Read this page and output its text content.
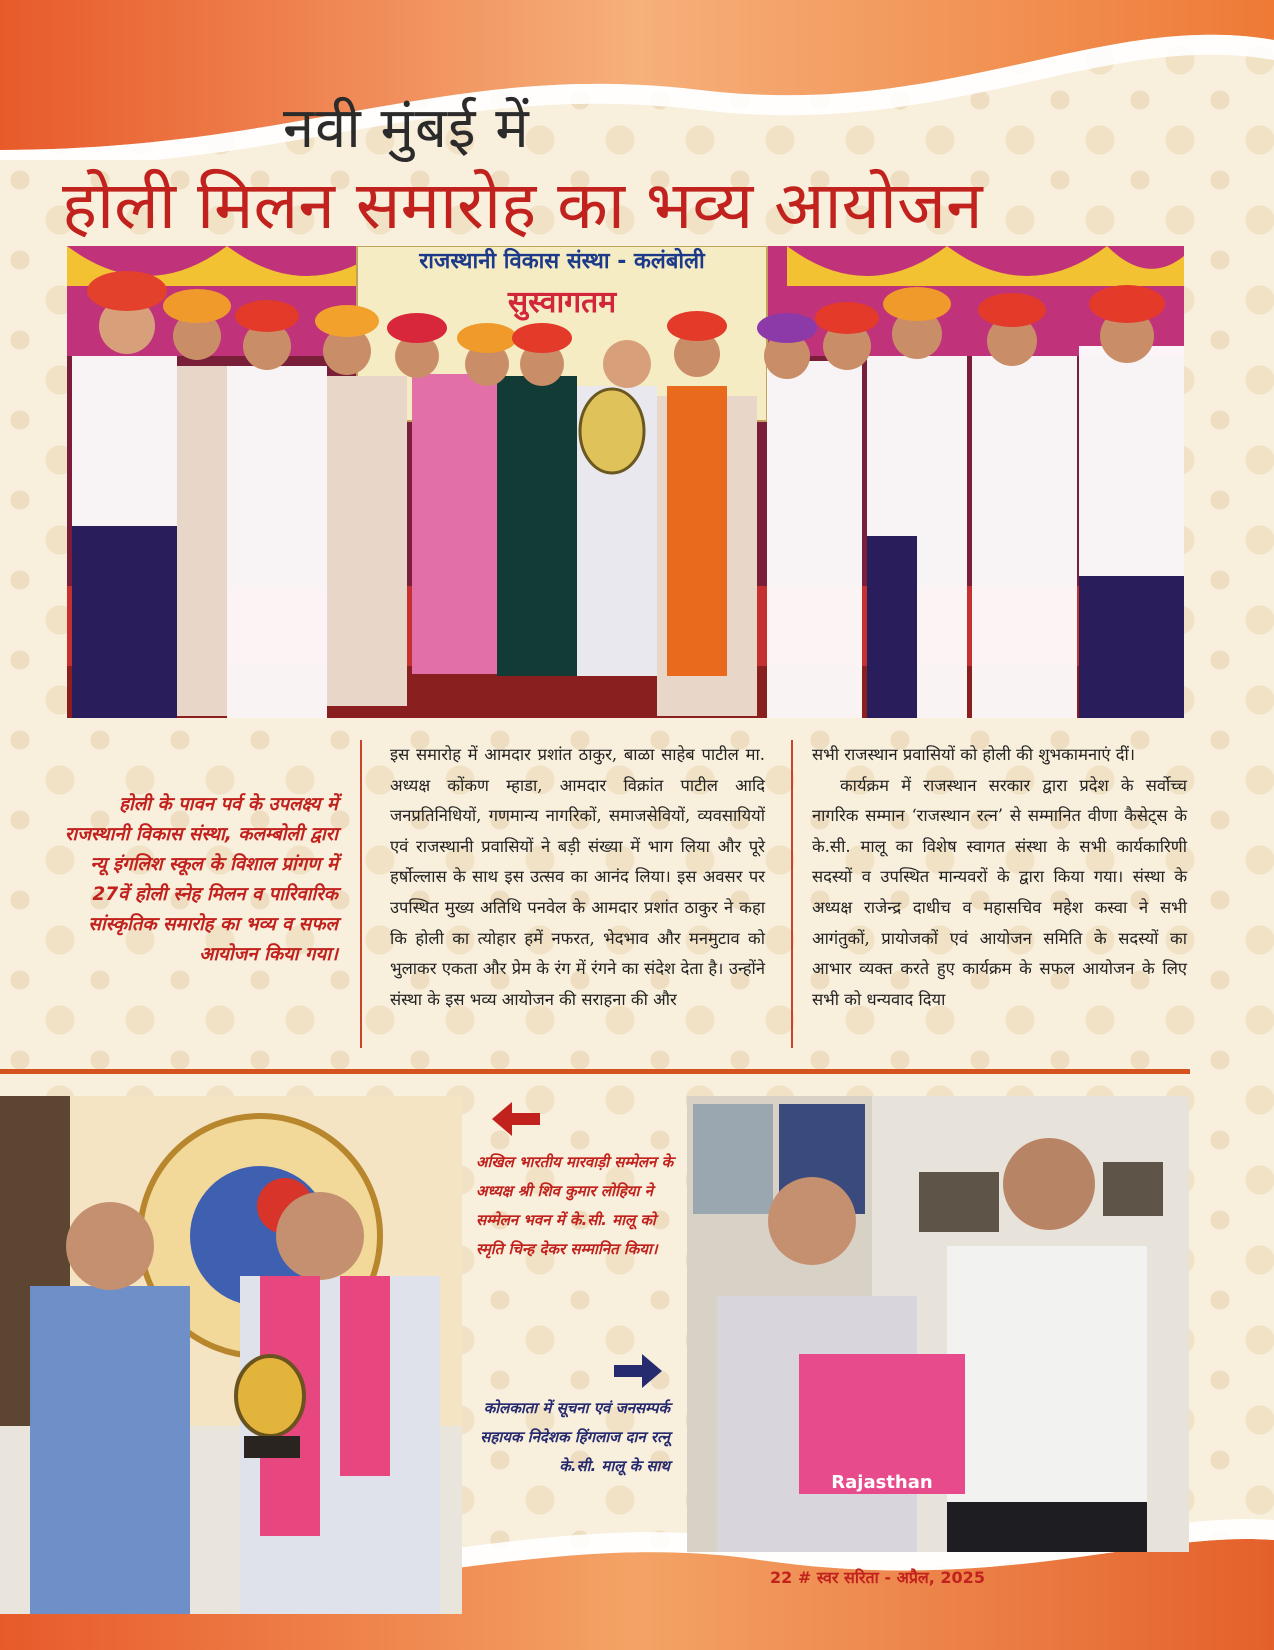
नवी मुंबई में
होली मिलन समारोह का भव्य आयोजन
राजस्थानी विकास संस्था - कलंबोली
सुस्वागतम
होली के पावन पर्व के उपलक्ष्य में राजस्थानी विकास संस्था, कलम्बोली द्वारा न्यू इंगलिश स्कूल के विशाल प्रांगण में 27वें होली स्नेह मिलन व पारिवारिक सांस्कृतिक समारोह का भव्य व सफल आयोजन किया गया।

इस समारोह में आमदार प्रशांत ठाकुर, बाळा साहेब पाटील मा. अध्यक्ष कोंकण म्हाडा, आमदार विक्रांत पाटील आदि जनप्रतिनिधियों, गणमान्य नागरिकों, समाजसेवियों, व्यवसायियों एवं राजस्थानी प्रवासियों ने बड़ी संख्या में भाग लिया और पूरे हर्षोल्लास के साथ इस उत्सव का आनंद लिया। इस अवसर पर उपस्थित मुख्य अतिथि पनवेल के आमदार प्रशांत ठाकुर ने कहा कि होली का त्योहार हमें नफरत, भेदभाव और मनमुटाव को भुलाकर एकता और प्रेम के रंग में रंगने का संदेश देता है। उन्होंने संस्था के इस भव्य आयोजन की सराहना की और

सभी राजस्थान प्रवासियों को होली की शुभकामनाएं दीं।

कार्यक्रम में राजस्थान सरकार द्वारा प्रदेश के सर्वोच्च नागरिक सम्मान ‘राजस्थान रत्न’ से सम्मानित वीणा कैसेट्स के के.सी. मालू का विशेष स्वागत संस्था के सभी कार्यकारिणी सदस्यों व उपस्थित मान्यवरों के द्वारा किया गया। संस्था के अध्यक्ष राजेन्द्र दाधीच व महासचिव महेश कस्वा ने सभी आगंतुकों, प्रायोजकों एवं आयोजन समिति के सदस्यों का आभार व्यक्त करते हुए कार्यक्रम के सफल आयोजन के लिए सभी को धन्यवाद दिया

Rajasthan
अखिल भारतीय मारवाड़ी सम्मेलन के अध्यक्ष श्री शिव कुमार लोहिया ने सम्मेलन भवन में के.सी. मालू को स्मृति चिन्ह देकर सम्मानित किया।
कोलकाता में सूचना एवं जनसम्पर्क सहायक निदेशक हिंगलाज दान रत्नू के.सी. मालू के साथ
22 # स्वर सरिता - अप्रैल, 2025
